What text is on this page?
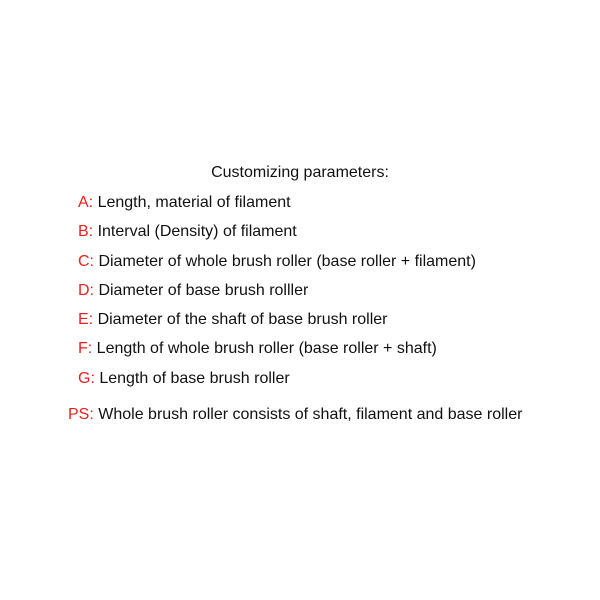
Customizing parameters:
A: Length, material of filament
B: Interval (Density) of filament
C: Diameter of whole brush roller (base roller + filament)
D: Diameter of base brush rolller
E: Diameter of the shaft of base brush roller
F: Length of whole brush roller (base roller + shaft)
G: Length of base brush roller
PS: Whole brush roller consists of shaft, filament and base roller
